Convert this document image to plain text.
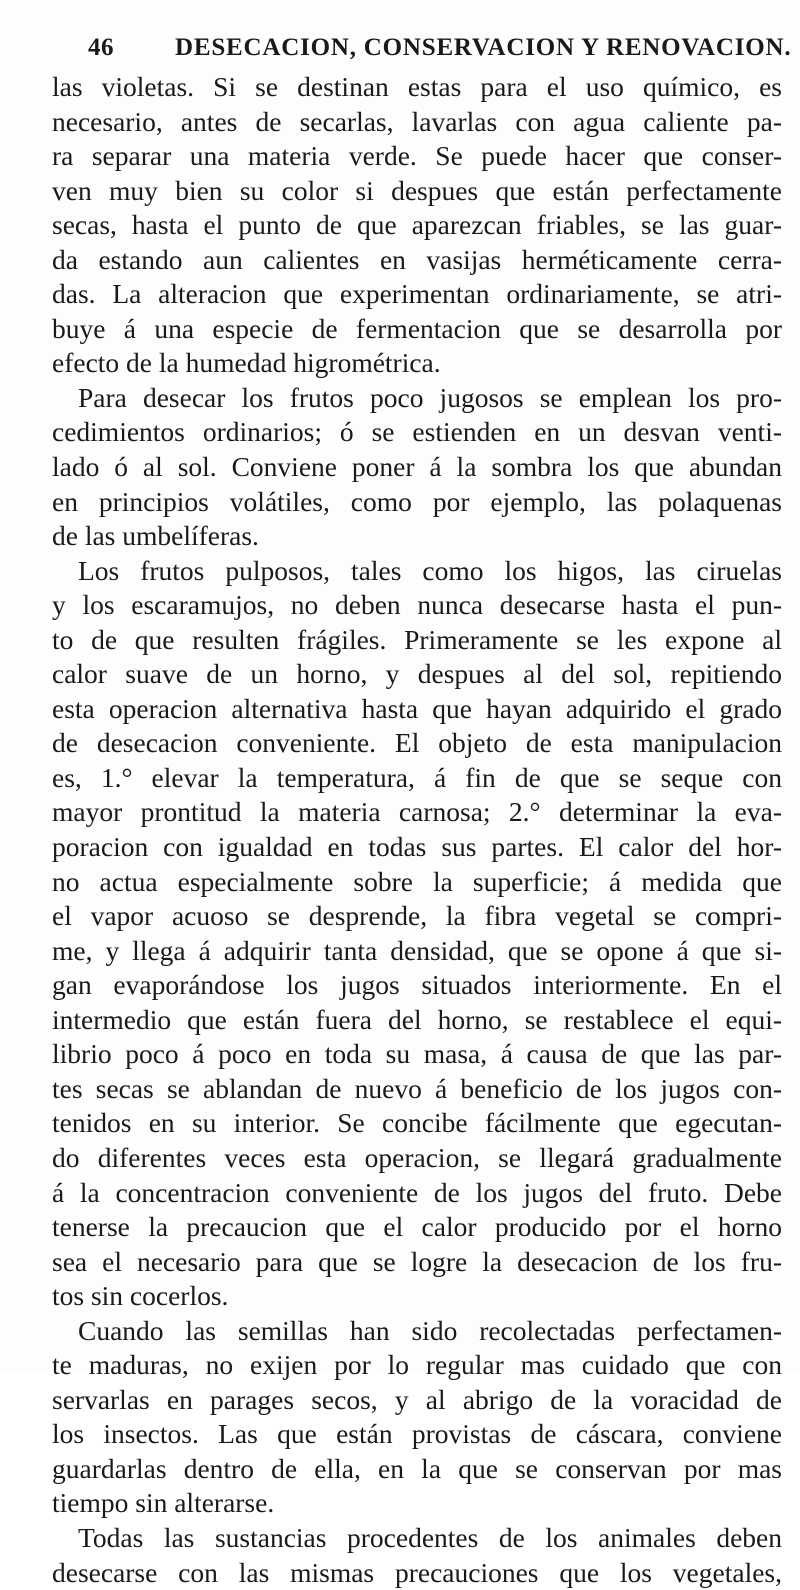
46 DESECACION, CONSERVACION Y RENOVACION.
las violetas. Si se destinan estas para el uso químico, es
necesario, antes de secarlas, lavarlas con agua caliente pa-
ra separar una materia verde. Se puede hacer que conser-
ven muy bien su color si despues que están perfectamente
secas, hasta el punto de que aparezcan friables, se las guar-
da estando aun calientes en vasijas herméticamente cerra-
das. La alteracion que experimentan ordinariamente, se atri-
buye á una especie de fermentacion que se desarrolla por
efecto de la humedad higrométrica.
Para desecar los frutos poco jugosos se emplean los pro-
cedimientos ordinarios; ó se estienden en un desvan venti-
lado ó al sol. Conviene poner á la sombra los que abundan
en principios volátiles, como por ejemplo, las polaquenas
de las umbelíferas.
Los frutos pulposos, tales como los higos, las ciruelas
y los escaramujos, no deben nunca desecarse hasta el pun-
to de que resulten frágiles. Primeramente se les expone al
calor suave de un horno, y despues al del sol, repitiendo
esta operacion alternativa hasta que hayan adquirido el grado
de desecacion conveniente. El objeto de esta manipulacion
es, 1.° elevar la temperatura, á fin de que se seque con
mayor prontitud la materia carnosa; 2.° determinar la eva-
poracion con igualdad en todas sus partes. El calor del hor-
no actua especialmente sobre la superficie; á medida que
el vapor acuoso se desprende, la fibra vegetal se compri-
me, y llega á adquirir tanta densidad, que se opone á que si-
gan evaporándose los jugos situados interiormente. En el
intermedio que están fuera del horno, se restablece el equi-
librio poco á poco en toda su masa, á causa de que las par-
tes secas se ablandan de nuevo á beneficio de los jugos con-
tenidos en su interior. Se concibe fácilmente que egecutan-
do diferentes veces esta operacion, se llegará gradualmente
á la concentracion conveniente de los jugos del fruto. Debe
tenerse la precaucion que el calor producido por el horno
sea el necesario para que se logre la desecacion de los fru-
tos sin cocerlos.
Cuando las semillas han sido recolectadas perfectamen-
te maduras, no exijen por lo regular mas cuidado que con
servarlas en parages secos, y al abrigo de la voracidad de
los insectos. Las que están provistas de cáscara, conviene
guardarlas dentro de ella, en la que se conservan por mas
tiempo sin alterarse.
Todas las sustancias procedentes de los animales deben
desecarse con las mismas precauciones que los vegetales,
